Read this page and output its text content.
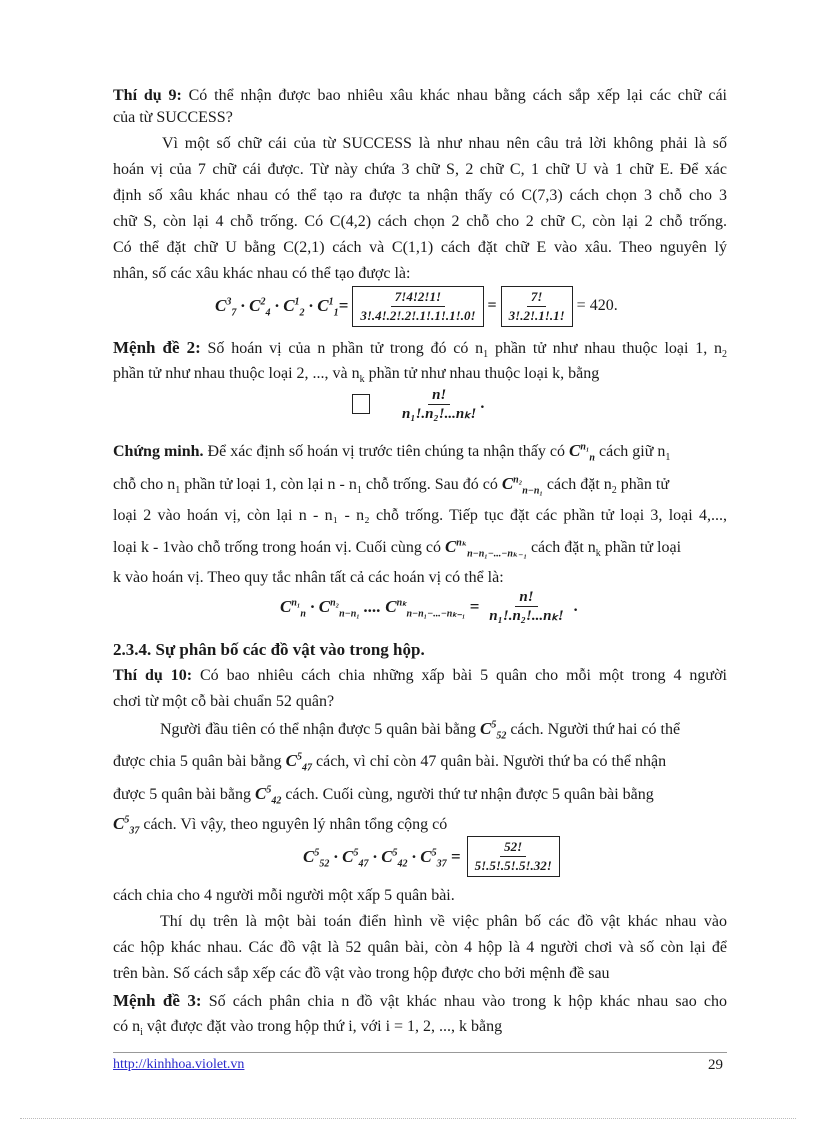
Thí dụ 9: Có thể nhận được bao nhiêu xâu khác nhau bằng cách sắp xếp lại các chữ cái
của từ SUCCESS?
Vì một số chữ cái của từ SUCCESS là như nhau nên câu trả lời không phải là số
hoán vị của 7 chữ cái được. Từ này chứa 3 chữ S, 2 chữ C, 1 chữ U và 1 chữ E. Để xác
định số xâu khác nhau có thể tạo ra được ta nhận thấy có C(7,3) cách chọn 3 chỗ cho 3
chữ S, còn lại 4 chỗ trống. Có C(4,2) cách chọn 2 chỗ cho 2 chữ C, còn lại 2 chỗ trống.
Có thể đặt chữ U bằng C(2,1) cách và C(1,1) cách đặt chữ E vào xâu. Theo nguyên lý
nhân, số các xâu khác nhau có thể tạo được là:
$C^3_7 \cdot C^2_4 \cdot C^1_2 \cdot C^1_1= \frac{7!4!2!1!}{3!.4!.2!.2!.1!.1!.1!.0!} = \frac{7!}{3!.2!.1!.1!} = 420$.
Mệnh đề 2: Số hoán vị của n phần tử trong đó có $n_1$ phần tử như nhau thuộc loại 1, $n_2$
phần tử như nhau thuộc loại 2, ..., và $n_k$ phần tử như nhau thuộc loại k, bằng
$\frac{n!}{\text{n₁!.n₂!...nₖ!}}$ .
Chứng minh. Để xác định số hoán vị trước tiên chúng ta nhận thấy có $C^{n_1}_n$ cách giữ $n_1$
chỗ cho $n_1$ phần tử loại 1, còn lại n - $n_1$ chỗ trống. Sau đó có $C^{n_2}_{n-n_1}$ cách đặt $n_2$ phần tử
loại 2 vào hoán vị, còn lại n - n₁ - n₂ chỗ trống. Tiếp tục đặt các phần tử loại 3, loại 4,...,
loại k - 1vào chỗ trống trong hoán vị. Cuối cùng có $C^{n_k}_{n-n_1-...-n_{k-1}}$ cách đặt $n_k$ phần tử loại
k vào hoán vị. Theo quy tắc nhân tất cả các hoán vị có thể là:
$C^{n_1}_n \cdot C^{n_2}_{n-n_1}$ .... $C^{n_k}_{n-n_1-...-n_{k-1}} = \frac{n!}{\text{n₁!.n₂!...nₖ!}}$ .
2.3.4. Sự phân bố các đồ vật vào trong hộp.
Thí dụ 10: Có bao nhiêu cách chia những xấp bài 5 quân cho mỗi một trong 4 người
chơi từ một cỗ bài chuẩn 52 quân?
Người đầu tiên có thể nhận được 5 quân bài bằng $C^5_{52}$ cách. Người thứ hai có thể
được chia 5 quân bài bằng $C^5_{47}$ cách, vì chỉ còn 47 quân bài. Người thứ ba có thể nhận
được 5 quân bài bằng $C^5_{42}$ cách. Cuối cùng, người thứ tư nhận được 5 quân bài bằng
$C^5_{37}$ cách. Vì vậy, theo nguyên lý nhân tổng cộng có
$C^5_{52} \cdot C^5_{47} \cdot C^5_{42} \cdot C^5_{37} = \frac{52!}{5!.5!.5!.5!.32!}$
cách chia cho 4 người mỗi người một xấp 5 quân bài.
Thí dụ trên là một bài toán điển hình về việc phân bố các đồ vật khác nhau vào
các hộp khác nhau. Các đồ vật là 52 quân bài, còn 4 hộp là 4 người chơi và số còn lại để
trên bàn. Số cách sắp xếp các đồ vật vào trong hộp được cho bởi mệnh đề sau
Mệnh đề 3: Số cách phân chia n đồ vật khác nhau vào trong k hộp khác nhau sao cho
có $n_i$ vật được đặt vào trong hộp thứ i, với i = 1, 2, ..., k bằng
http://kinhhoa.violet.vn	29
